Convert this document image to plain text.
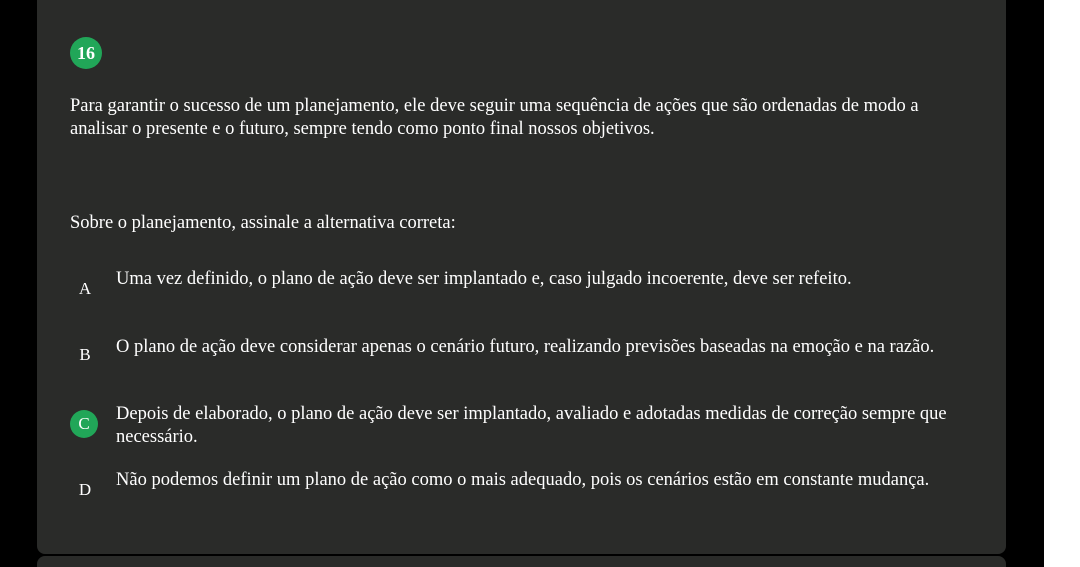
16

Para garantir o sucesso de um planejamento, ele deve seguir uma sequência de ações que são ordenadas de modo a analisar o presente e o futuro, sempre tendo como ponto final nossos objetivos.

Sobre o planejamento, assinale a alternativa correta:

A	Uma vez definido, o plano de ação deve ser implantado e, caso julgado incoerente, deve ser refeito.

B	O plano de ação deve considerar apenas o cenário futuro, realizando previsões baseadas na emoção e na razão.

C	Depois de elaborado, o plano de ação deve ser implantado, avaliado e adotadas medidas de correção sempre que necessário.

D	Não podemos definir um plano de ação como o mais adequado, pois os cenários estão em constante mudança.
